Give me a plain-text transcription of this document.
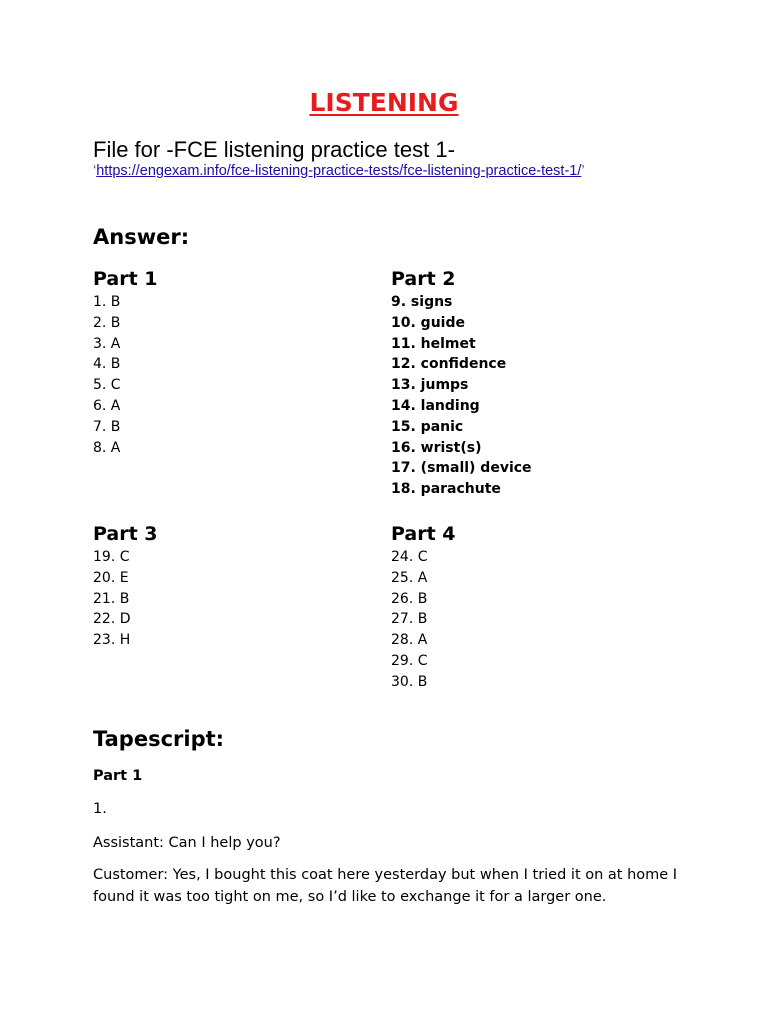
LISTENING
File for -FCE listening practice test 1-
‘https://engexam.info/fce-listening-practice-tests/fce-listening-practice-test-1/’
Answer:
Part 1
1. B
2. B
3. A
4. B
5. C
6. A
7. B
8. A
Part 2
9. signs
10. guide
11. helmet
12. confidence
13. jumps
14. landing
15. panic
16. wrist(s)
17. (small) device
18. parachute
Part 3
19. C
20. E
21. B
22. D
23. H
Part 4
24. C
25. A
26. B
27. B
28. A
29. C
30. B
Tapescript:
Part 1
1.
Assistant: Can I help you?
Customer: Yes, I bought this coat here yesterday but when I tried it on at home I found it was too tight on me, so I’d like to exchange it for a larger one.
